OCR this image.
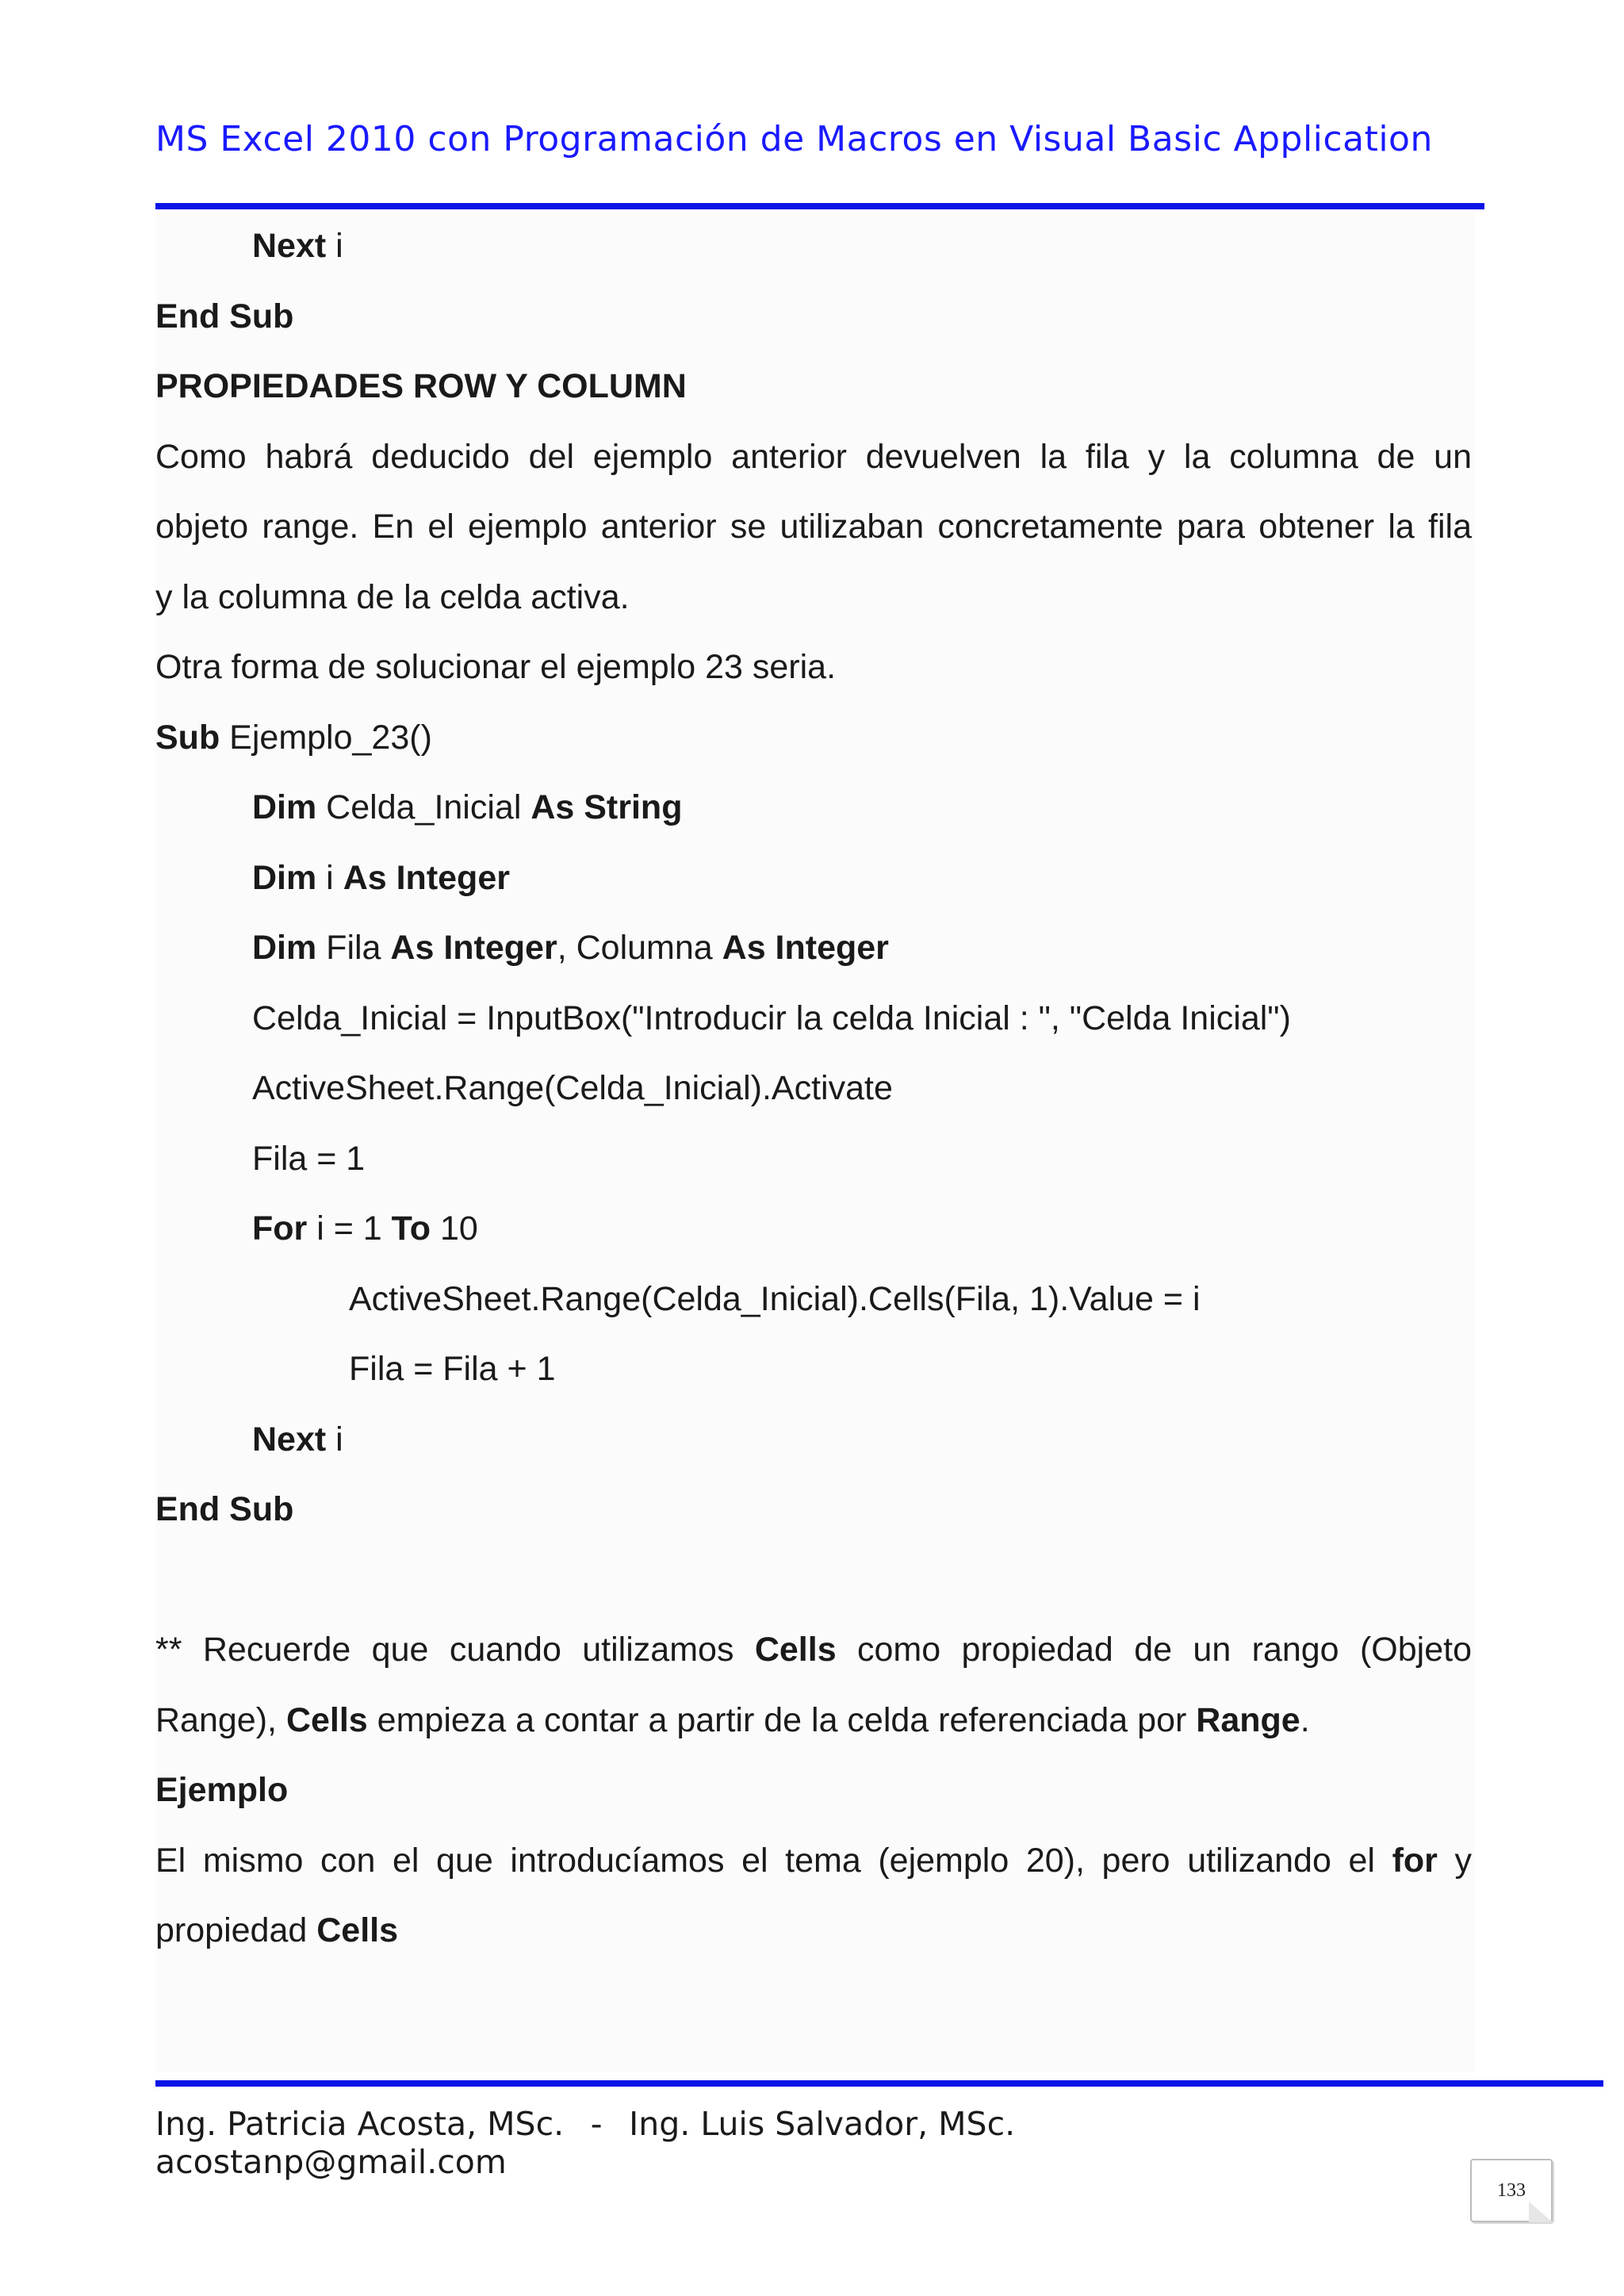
MS Excel 2010 con Programación de Macros en Visual Basic Application
Next i
End Sub
PROPIEDADES ROW Y COLUMN
Como habrá deducido del ejemplo anterior devuelven la fila y la columna de un
objeto range. En el ejemplo anterior se utilizaban concretamente para obtener la fila
y la columna de la celda activa.
Otra forma de solucionar el ejemplo 23 seria.
Sub Ejemplo_23()
Dim Celda_Inicial As String
Dim i As Integer
Dim Fila As Integer, Columna As Integer
Celda_Inicial = InputBox("Introducir la celda Inicial : ", "Celda Inicial")
ActiveSheet.Range(Celda_Inicial).Activate
Fila = 1
For i = 1 To 10
ActiveSheet.Range(Celda_Inicial).Cells(Fila, 1).Value = i
Fila = Fila + 1
Next i
End Sub
** Recuerde que cuando utilizamos Cells como propiedad de un rango (Objeto
Range), Cells empieza a contar a partir de la celda referenciada por Range.
Ejemplo
El mismo con el que introducíamos el tema (ejemplo 20), pero utilizando el for y
propiedad Cells
Ing. Patricia Acosta, MSc. - Ing. Luis Salvador, MSc.
acostanp@gmail.com
133
